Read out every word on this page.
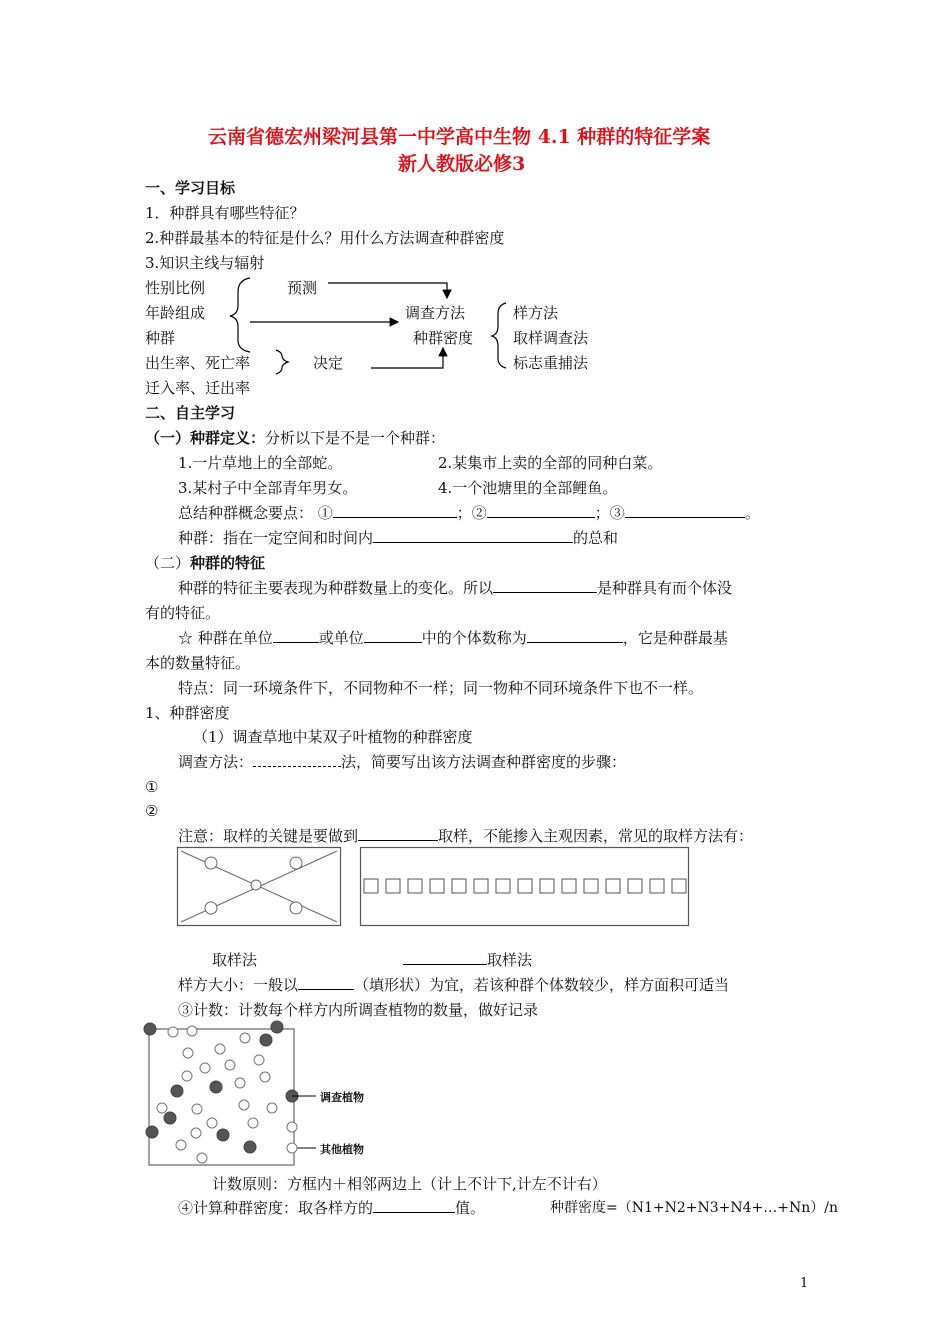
云南省德宏州梁河县第一中学高中生物 4.1 种群的特征学案
新人教版必修3
一、学习目标
1．种群具有哪些特征？
2.种群最基本的特征是什么？用什么方法调查种群密度
3.知识主线与辐射
性别比例
年龄组成
种群
出生率、死亡率
迁入率、迁出率
预测
决定
调查方法
种群密度
样方法
取样调查法
标志重捕法
二、自主学习
（一）种群定义：分析以下是不是一个种群：
1.一片草地上的全部蛇。	2.某集市上卖的全部的同种白菜。
3.某村子中全部青年男女。	4.一个池塘里的全部鲤鱼。
总结种群概念要点： ①	；②	；③	。
种群：指在一定空间和时间内	的总和
（二）种群的特征
种群的特征主要表现为种群数量上的变化。所以	是种群具有而个体没
有的特征。
☆ 种群在单位	或单位	中的个体数称为	，它是种群最基
本的数量特征。
特点：同一环境条件下，不同物种不一样；同一物种不同环境条件下也不一样。
1、种群密度
（1）调查草地中某双子叶植物的种群密度
调查方法：	法，简要写出该方法调查种群密度的步骤：
①
②
注意：取样的关键是要做到	取样，不能掺入主观因素，常见的取样方法有：
取样法	取样法
样方大小：一般以	（填形状）为宜，若该种群个体数较少，样方面积可适当
③计数：计数每个样方内所调查植物的数量，做好记录
调查植物
其他植物
计数原则：方框内＋相邻两边上（计上不计下,计左不计右）
④计算种群密度：取各样方的	值。	种群密度=（N1+N2+N3+N4+…+Nn）/n
1
